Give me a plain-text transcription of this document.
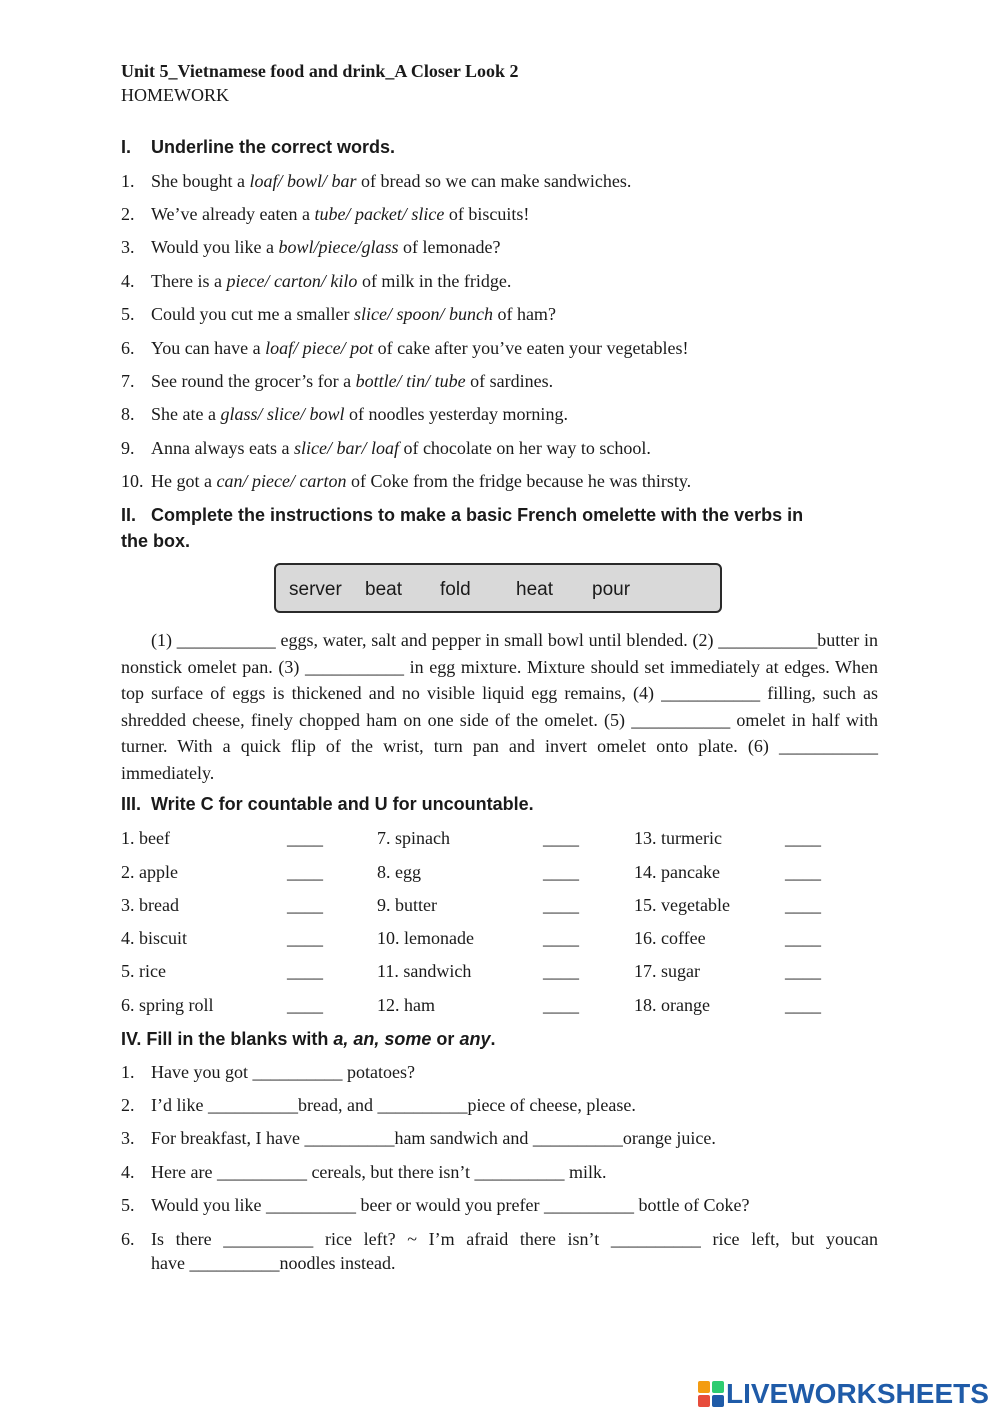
Unit 5_Vietnamese food and drink_A Closer Look 2
HOMEWORK
I. Underline the correct words.
1. She bought a loaf/ bowl/ bar of bread so we can make sandwiches.
2. We’ve already eaten a tube/ packet/ slice of biscuits!
3. Would you like a bowl/piece/glass of lemonade?
4. There is a piece/ carton/ kilo of milk in the fridge.
5. Could you cut me a smaller slice/ spoon/ bunch of ham?
6. You can have a loaf/ piece/ pot of cake after you’ve eaten your vegetables!
7. See round the grocer’s for a bottle/ tin/ tube of sardines.
8. She ate a glass/ slice/ bowl of noodles yesterday morning.
9. Anna always eats a slice/ bar/ loaf of chocolate on her way to school.
10. He got a can/ piece/ carton of Coke from the fridge because he was thirsty.
II. Complete the instructions to make a basic French omelette with the verbs in
the box.
server beat fold heat pour
(1) ___________ eggs, water, salt and pepper in small bowl until blended. (2) ___________butter in nonstick omelet pan. (3) ___________ in egg mixture. Mixture should set immediately at edges. When top surface of eggs is thickened and no visible liquid egg remains, (4) ___________ filling, such as shredded cheese, finely chopped ham on one side of the omelet. (5) ___________ omelet in half with turner. With a quick flip of the wrist, turn pan and invert omelet onto plate. (6) ___________ immediately.
III. Write C for countable and U for uncountable.
1. beef	____
2. apple	____
3. bread	____
4. biscuit	____
5. rice	____
6. spring roll	____
7. spinach	____
8. egg	____
9. butter	____
10. lemonade	____
11. sandwich	____
12. ham	____
13. turmeric	____
14. pancake	____
15. vegetable	____
16. coffee	____
17. sugar	____
18. orange	____
IV. Fill in the blanks with a, an, some or any.
1. Have you got __________ potatoes?
2. I’d like __________bread, and __________piece of cheese, please.
3. For breakfast, I have __________ham sandwich and __________orange juice.
4. Here are __________ cereals, but there isn’t __________ milk.
5. Would you like __________ beer or would you prefer __________ bottle of Coke?
6. Is there __________ rice left? ~ I’m afraid there isn’t __________ rice left, but youcan
have __________noodles instead.
LIVEWORKSHEETS
